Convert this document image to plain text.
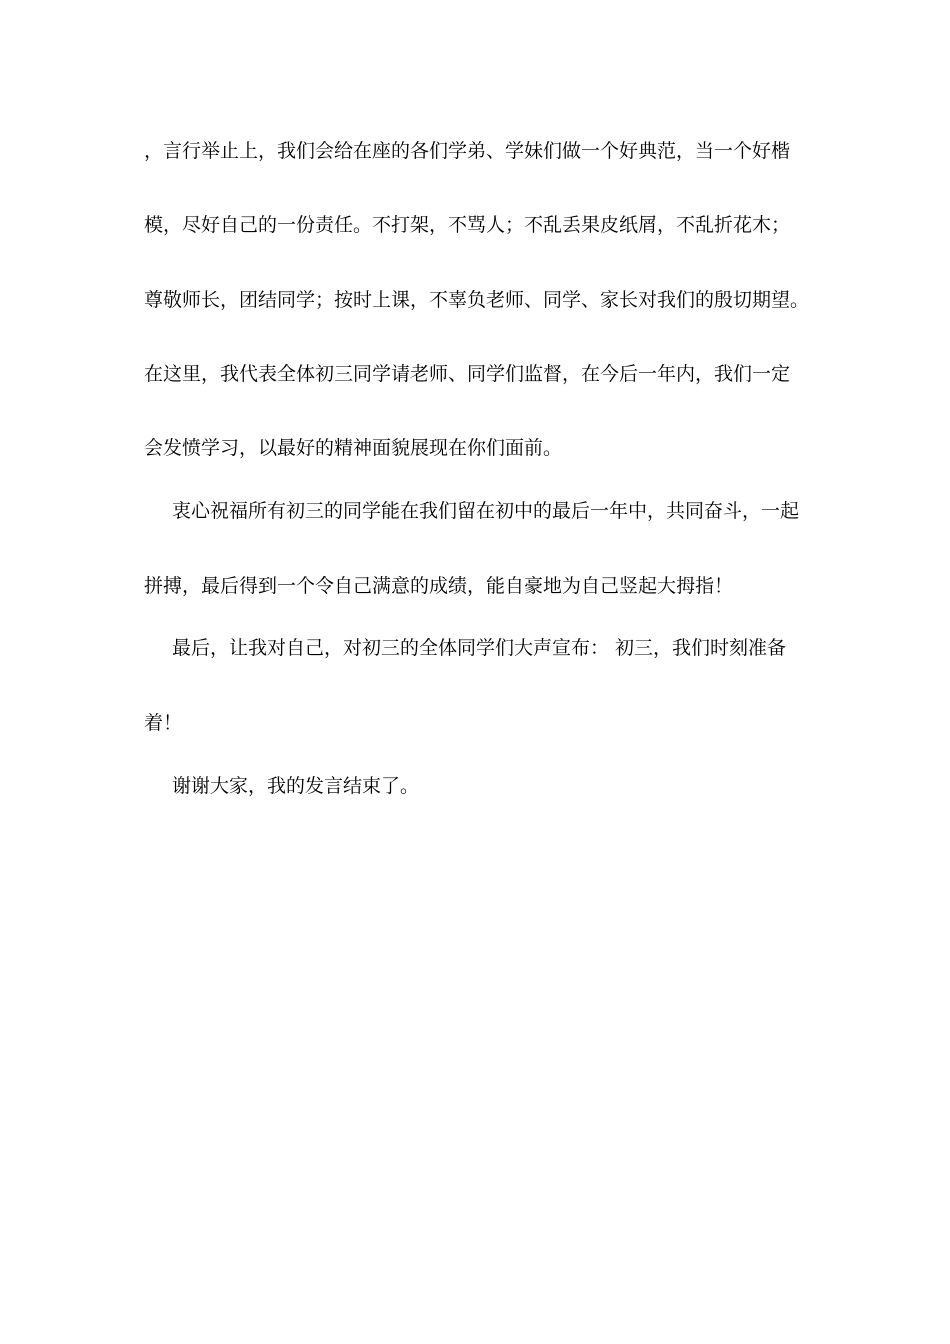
，言行举止上，我们会给在座的各们学弟、学妹们做一个好典范，当一个好楷
模，尽好自己的一份责任。不打架，不骂人；不乱丢果皮纸屑，不乱折花木；
尊敬师长，团结同学；按时上课，不辜负老师、同学、家长对我们的殷切期望。
在这里，我代表全体初三同学请老师、同学们监督，在今后一年内，我们一定
会发愤学习，以最好的精神面貌展现在你们面前。
衷心祝福所有初三的同学能在我们留在初中的最后一年中，共同奋斗，一起
拼搏，最后得到一个令自己满意的成绩，能自豪地为自己竖起大拇指！
最后，让我对自己，对初三的全体同学们大声宣布： 初三，我们时刻准备
着！
谢谢大家，我的发言结束了。
